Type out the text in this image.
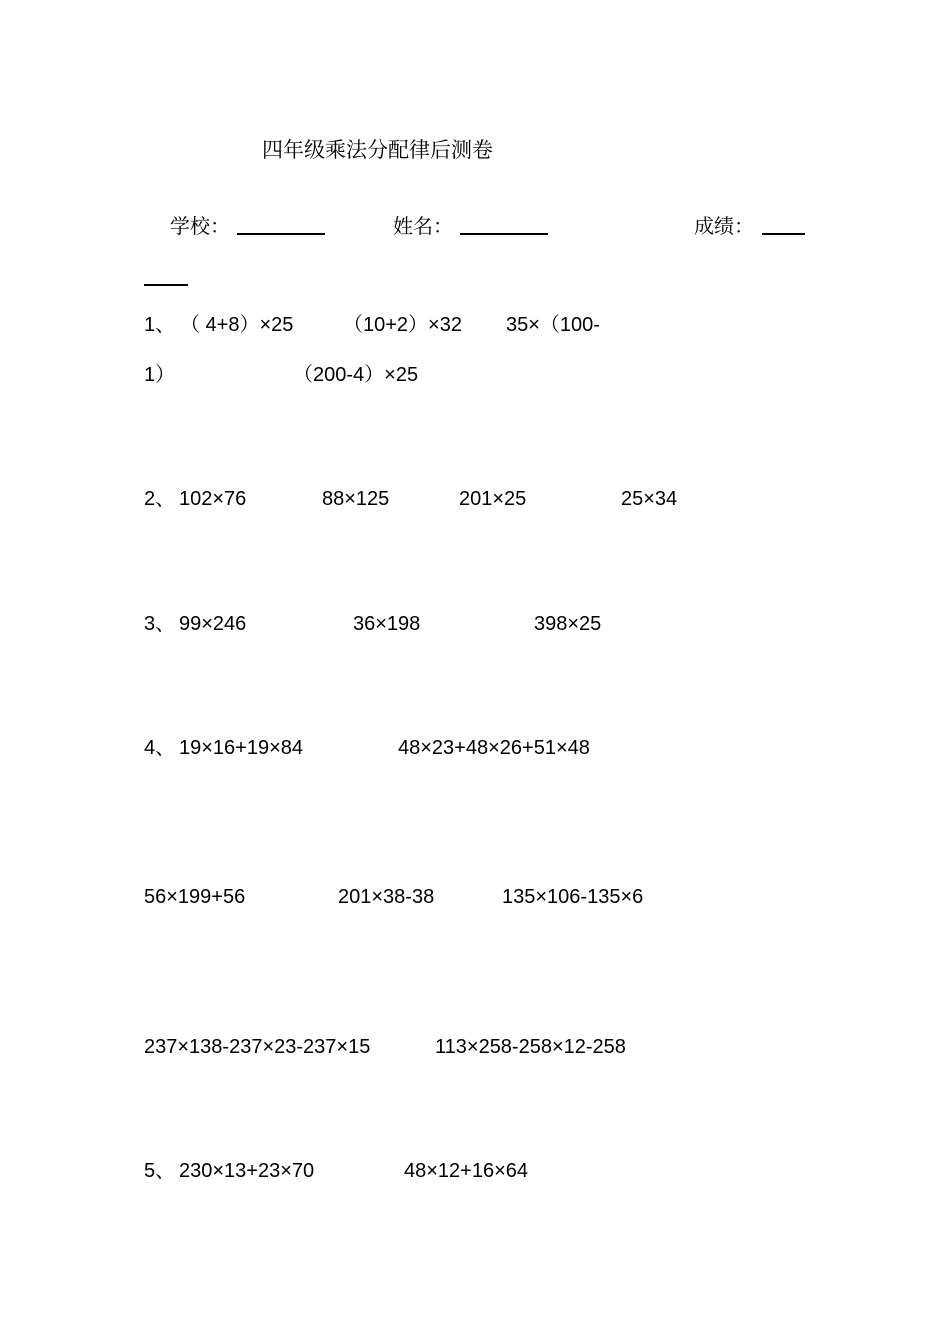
四年级乘法分配律后测卷
学校：	姓名：	成绩：
1、 （ 4+8）×25 （10+2）×32 35×（100-
1）	（200-4）×25
2、 102×76	88×125	201×25	25×34
3、 99×246	36×198	398×25
4、 19×16+19×84	48×23+48×26+51×48
56×199+56	201×38-38	135×106-135×6
237×138-237×23-237×15	113×258-258×12-258
5、 230×13+23×70	48×12+16×64
